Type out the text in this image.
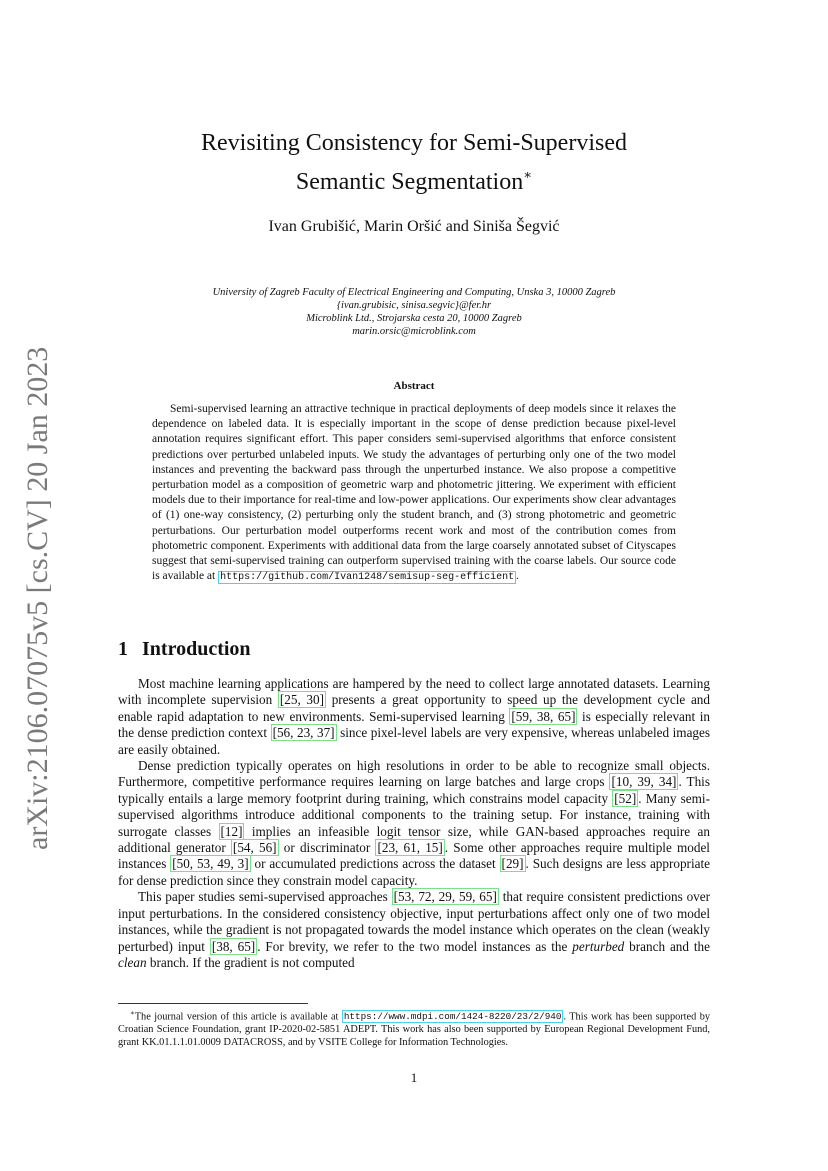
arXiv:2106.07075v5 [cs.CV] 20 Jan 2023
Revisiting Consistency for Semi-Supervised
Semantic Segmentation∗
Ivan Grubišić, Marin Oršić and Siniša Šegvić
University of Zagreb Faculty of Electrical Engineering and Computing, Unska 3, 10000 Zagreb
{ivan.grubisic, sinisa.segvic}@fer.hr
Microblink Ltd., Strojarska cesta 20, 10000 Zagreb
marin.orsic@microblink.com
Abstract

Semi-supervised learning an attractive technique in practical deployments of deep models since it relaxes the dependence on labeled data. It is especially important in the scope of dense prediction because pixel-level annotation requires significant effort. This paper considers semi-supervised algorithms that enforce consistent predictions over perturbed unlabeled inputs. We study the advantages of perturbing only one of the two model instances and preventing the backward pass through the unperturbed instance. We also propose a competitive perturbation model as a composition of geometric warp and photometric jittering. We experiment with efficient models due to their importance for real-time and low-power applications. Our experiments show clear advantages of (1) one-way consistency, (2) perturbing only the student branch, and (3) strong photometric and geometric perturbations. Our perturbation model outperforms recent work and most of the contribution comes from photometric component. Experiments with additional data from the large coarsely annotated subset of Cityscapes suggest that semi-supervised training can outperform supervised training with the coarse labels. Our source code is available at https://github.com/Ivan1248/semisup-seg-efficient .

1 Introduction

Most machine learning applications are hampered by the need to collect large annotated datasets. Learning with incomplete supervision [25, 30] presents a great opportunity to speed up the development cycle and enable rapid adaptation to new environments. Semi-supervised learning [59, 38, 65] is especially relevant in the dense prediction context [56, 23, 37] since pixel-level labels are very expensive, whereas unlabeled images are easily obtained.

Dense prediction typically operates on high resolutions in order to be able to recognize small objects. Furthermore, competitive performance requires learning on large batches and large crops [10, 39, 34] . This typically entails a large memory footprint during training, which constrains model capacity [52] . Many semi-supervised algorithms introduce additional components to the training setup. For instance, training with surrogate classes [12] implies an infeasible logit tensor size, while GAN-based approaches require an additional generator [54, 56] or discriminator [23, 61, 15] . Some other approaches require multiple model instances [50, 53, 49, 3] or accumulated predictions across the dataset [29] . Such designs are less appropriate for dense prediction since they constrain model capacity.

This paper studies semi-supervised approaches [53, 72, 29, 59, 65] that require consistent predictions over input perturbations. In the considered consistency objective, input perturbations affect only one of two model instances, while the gradient is not propagated towards the model instance which operates on the clean (weakly perturbed) input [38, 65] . For brevity, we refer to the two model instances as the perturbed branch and the clean branch. If the gradient is not computed

∗The journal version of this article is available at https://www.mdpi.com/1424-8220/23/2/940 . This work has been supported by Croatian Science Foundation, grant IP-2020-02-5851 ADEPT. This work has also been supported by European Regional Development Fund, grant KK.01.1.1.01.0009 DATACROSS, and by VSITE College for Information Technologies.

1
